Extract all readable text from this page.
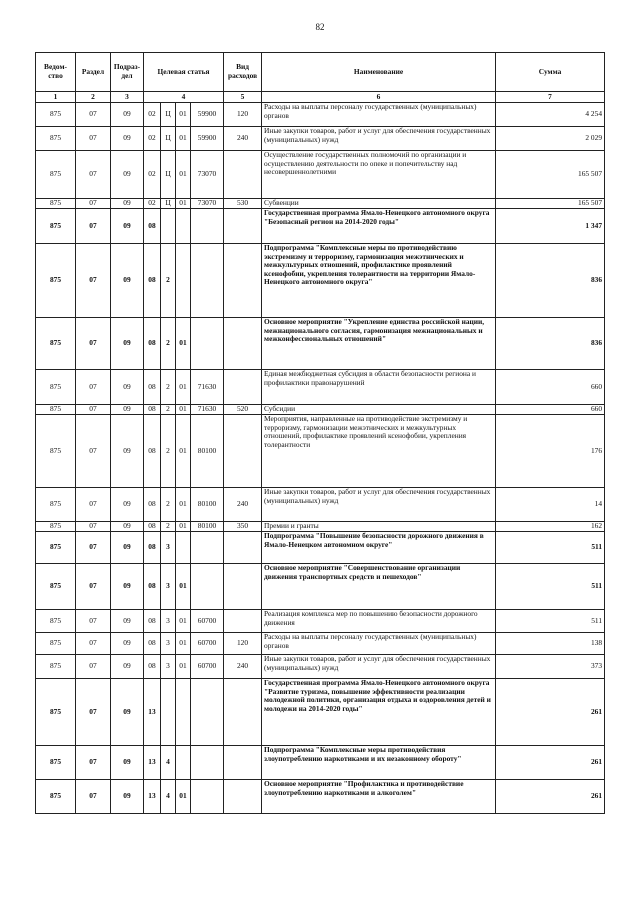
82
Ведом-ство	Раздел	Подраз-дел	Целевая статья				Вид расходов	Наименование	Сумма
1	2	3	4				5	6	7
875	07	09	02	Ц	01	59900	120	Расходы на выплаты персоналу государственных (муниципальных) органов	4 254
875	07	09	02	Ц	01	59900	240	Иные закупки товаров, работ и услуг для обеспечения государственных (муниципальных) нужд	2 029
875	07	09	02	Ц	01	73070		Осуществление государственных полномочий по организации и осуществлению деятельности по опеке и попечительству над несовершеннолетними	165 507
875	07	09	02	Ц	01	73070	530	Субвенции	165 507
875	07	09	08					Государственная программа Ямало-Ненецкого автономного округа "Безопасный регион на 2014-2020 годы"	1 347
875	07	09	08	2				Подпрограмма "Комплексные меры по противодействию экстремизму и терроризму, гармонизация межэтнических и межкультурных отношений, профилактике проявлений ксенофобии, укрепления толерантности на территории Ямало-Ненецкого автономного округа"	836
875	07	09	08	2	01			Основное мероприятие "Укрепление единства российской нации, межнационального согласия, гармонизация межнациональных и межконфессиональных отношений"	836
875	07	09	08	2	01	71630		Единая межбюджетная субсидия в области безопасности региона и профилактики правонарушений	660
875	07	09	08	2	01	71630	520	Субсидии	660
875	07	09	08	2	01	80100		Мероприятия, направленные на противодействие экстремизму и терроризму, гармонизации межэтнических и межкультурных отношений, профилактике проявлений ксенофобии, укрепления толерантности	176
875	07	09	08	2	01	80100	240	Иные закупки товаров, работ и услуг для обеспечения государственных (муниципальных) нужд	14
875	07	09	08	2	01	80100	350	Премии и гранты	162
875	07	09	08	3				Подпрограмма "Повышение безопасности дорожного движения в Ямало-Ненецком автономном округе"	511
875	07	09	08	3	01			Основное мероприятие "Совершенствование организации движения транспортных средств и пешеходов"	511
875	07	09	08	3	01	60700		Реализация комплекса мер по повышению безопасности дорожного движения	511
875	07	09	08	3	01	60700	120	Расходы на выплаты персоналу государственных (муниципальных) органов	138
875	07	09	08	3	01	60700	240	Иные закупки товаров, работ и услуг для обеспечения государственных (муниципальных) нужд	373
875	07	09	13					Государственная программа Ямало-Ненецкого автономного округа "Развитие туризма, повышение эффективности реализации молодежной политики, организация отдыха и оздоровления детей и молодежи на 2014-2020 годы"	261
875	07	09	13	4				Подпрограмма "Комплексные меры противодействия злоупотреблению наркотиками и их незаконному обороту"	261
875	07	09	13	4	01			Основное мероприятие "Профилактика и противодействие злоупотреблению наркотиками и алкоголем"	261
